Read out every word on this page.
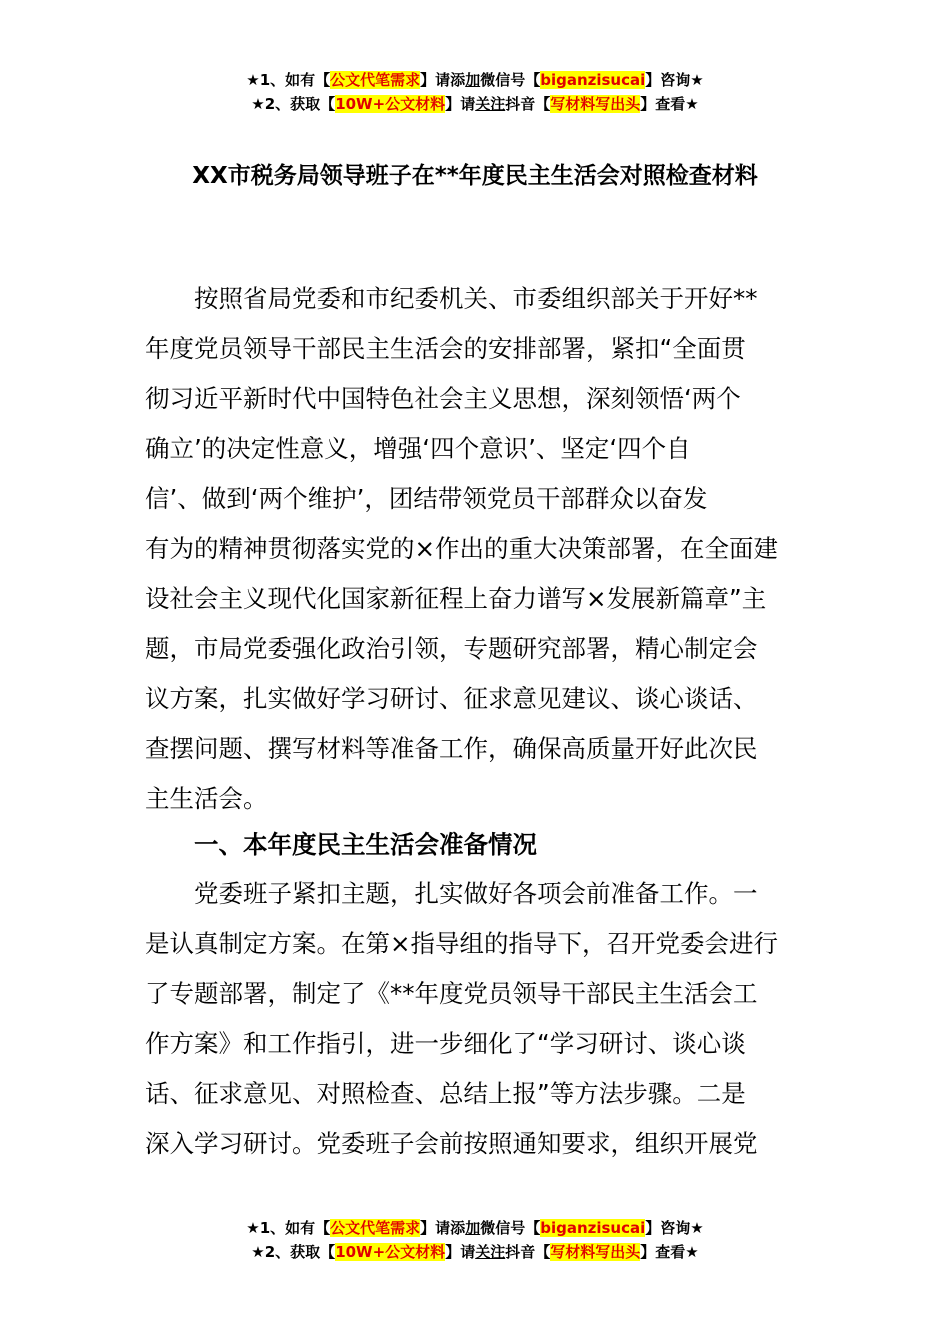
★1、如有【公文代笔需求】请添加微信号【biganzisucai】咨询★
★2、获取【10W+公文材料】请关注抖音【写材料写出头】查看★
XX市税务局领导班子在**年度民主生活会对照检查材料
按照省局党委和市纪委机关、市委组织部关于开好**
年度党员领导干部民主生活会的安排部署，紧扣“全面贯
彻习近平新时代中国特色社会主义思想，深刻领悟‘两个
确立’的决定性意义，增强‘四个意识’、坚定‘四个自
信’、做到‘两个维护’，团结带领党员干部群众以奋发
有为的精神贯彻落实党的×作出的重大决策部署，在全面建
设社会主义现代化国家新征程上奋力谱写×发展新篇章”主
题，市局党委强化政治引领，专题研究部署，精心制定会
议方案，扎实做好学习研讨、征求意见建议、谈心谈话、
查摆问题、撰写材料等准备工作，确保高质量开好此次民
主生活会。
一、本年度民主生活会准备情况
党委班子紧扣主题，扎实做好各项会前准备工作。一
是认真制定方案。在第×指导组的指导下，召开党委会进行
了专题部署，制定了《**年度党员领导干部民主生活会工
作方案》和工作指引，进一步细化了“学习研讨、谈心谈
话、征求意见、对照检查、总结上报”等方法步骤。二是
深入学习研讨。党委班子会前按照通知要求，组织开展党
★1、如有【公文代笔需求】请添加微信号【biganzisucai】咨询★
★2、获取【10W+公文材料】请关注抖音【写材料写出头】查看★
